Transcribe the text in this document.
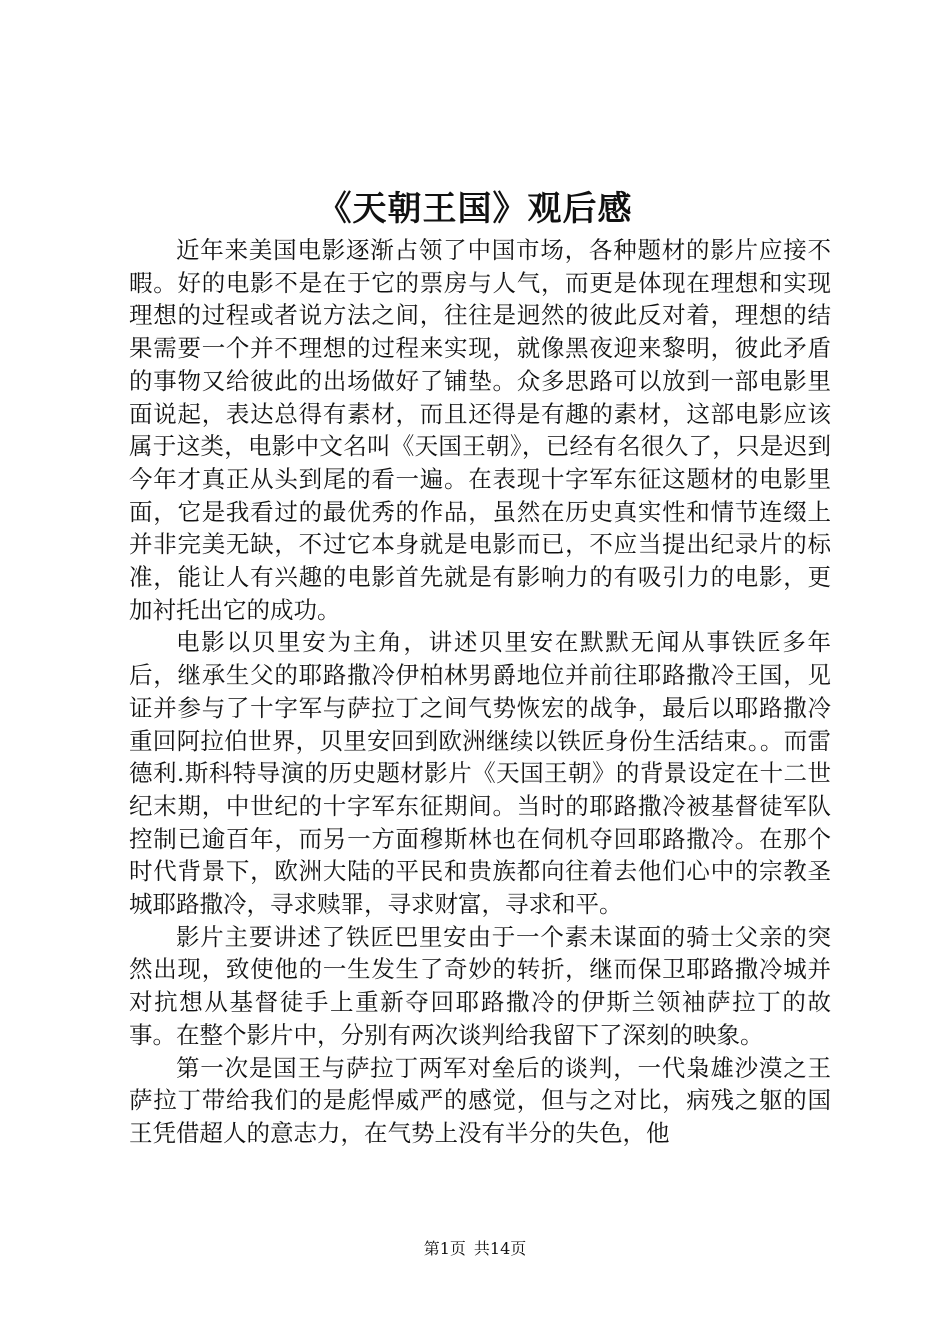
《天朝王国》观后感

近年来美国电影逐渐占领了中国市场，各种题材的影片应接不暇。好的电影不是在于它的票房与人气，而更是体现在理想和实现理想的过程或者说方法之间，往往是迥然的彼此反对着，理想的结果需要一个并不理想的过程来实现，就像黑夜迎来黎明，彼此矛盾的事物又给彼此的出场做好了铺垫。众多思路可以放到一部电影里面说起，表达总得有素材，而且还得是有趣的素材，这部电影应该属于这类，电影中文名叫《天国王朝》，已经有名很久了，只是迟到今年才真正从头到尾的看一遍。在表现十字军东征这题材的电影里面，它是我看过的最优秀的作品，虽然在历史真实性和情节连缀上并非完美无缺，不过它本身就是电影而已，不应当提出纪录片的标准，能让人有兴趣的电影首先就是有影响力的有吸引力的电影，更加衬托出它的成功。

电影以贝里安为主角，讲述贝里安在默默无闻从事铁匠多年后，继承生父的耶路撒冷伊柏林男爵地位并前往耶路撒冷王国，见证并参与了十字军与萨拉丁之间气势恢宏的战争，最后以耶路撒冷重回阿拉伯世界，贝里安回到欧洲继续以铁匠身份生活结束。。而雷德利.斯科特导演的历史题材影片《天国王朝》的背景设定在十二世纪末期，中世纪的十字军东征期间。当时的耶路撒冷被基督徒军队控制已逾百年，而另一方面穆斯林也在伺机夺回耶路撒冷。在那个时代背景下，欧洲大陆的平民和贵族都向往着去他们心中的宗教圣城耶路撒冷，寻求赎罪，寻求财富，寻求和平。

影片主要讲述了铁匠巴里安由于一个素未谋面的骑士父亲的突然出现，致使他的一生发生了奇妙的转折，继而保卫耶路撒冷城并对抗想从基督徒手上重新夺回耶路撒冷的伊斯兰领袖萨拉丁的故事。在整个影片中，分别有两次谈判给我留下了深刻的映象。

第一次是国王与萨拉丁两军对垒后的谈判，一代枭雄沙漠之王萨拉丁带给我们的是彪悍威严的感觉，但与之对比，病残之躯的国王凭借超人的意志力，在气势上没有半分的失色，他

第1页 共14页
